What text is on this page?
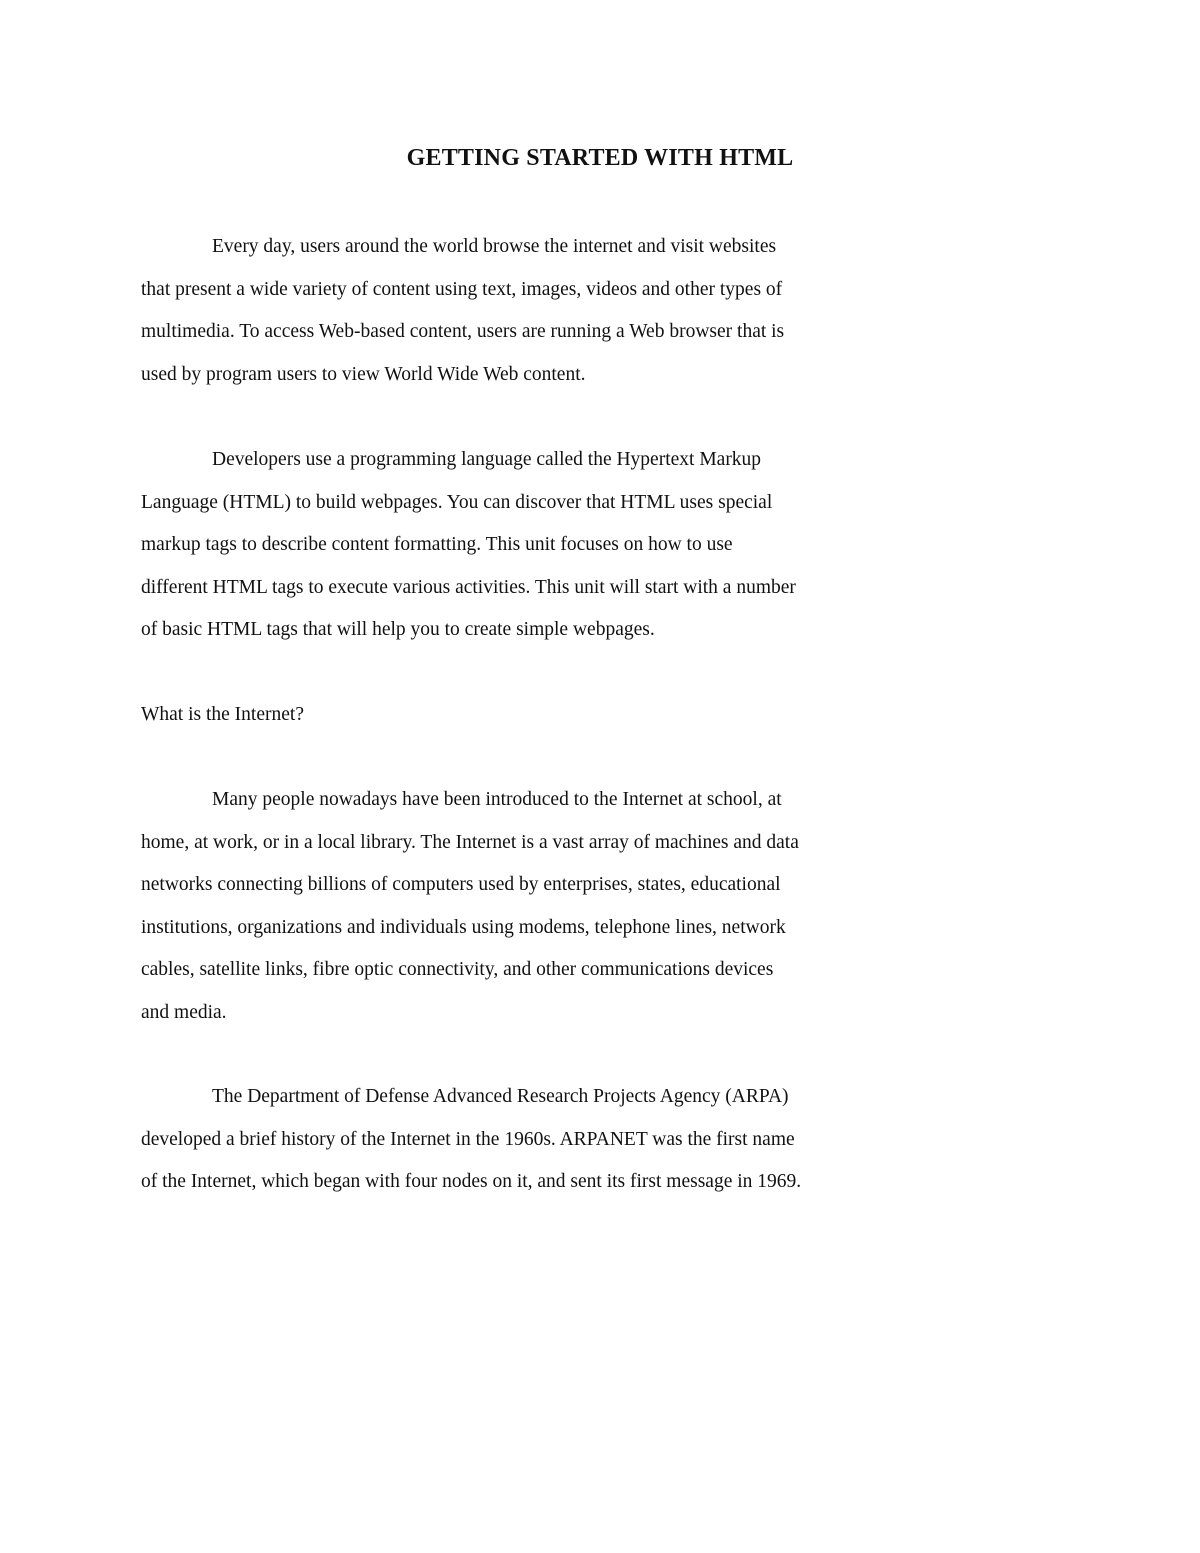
GETTING STARTED WITH HTML

Every day, users around the world browse the internet and visit websites
that present a wide variety of content using text, images, videos and other types of
multimedia. To access Web-based content, users are running a Web browser that is
used by program users to view World Wide Web content.

Developers use a programming language called the Hypertext Markup
Language (HTML) to build webpages. You can discover that HTML uses special
markup tags to describe content formatting. This unit focuses on how to use
different HTML tags to execute various activities. This unit will start with a number
of basic HTML tags that will help you to create simple webpages.

What is the Internet?

Many people nowadays have been introduced to the Internet at school, at
home, at work, or in a local library. The Internet is a vast array of machines and data
networks connecting billions of computers used by enterprises, states, educational
institutions, organizations and individuals using modems, telephone lines, network
cables, satellite links, fibre optic connectivity, and other communications devices
and media.

The Department of Defense Advanced Research Projects Agency (ARPA)
developed a brief history of the Internet in the 1960s. ARPANET was the first name
of the Internet, which began with four nodes on it, and sent its first message in 1969.
